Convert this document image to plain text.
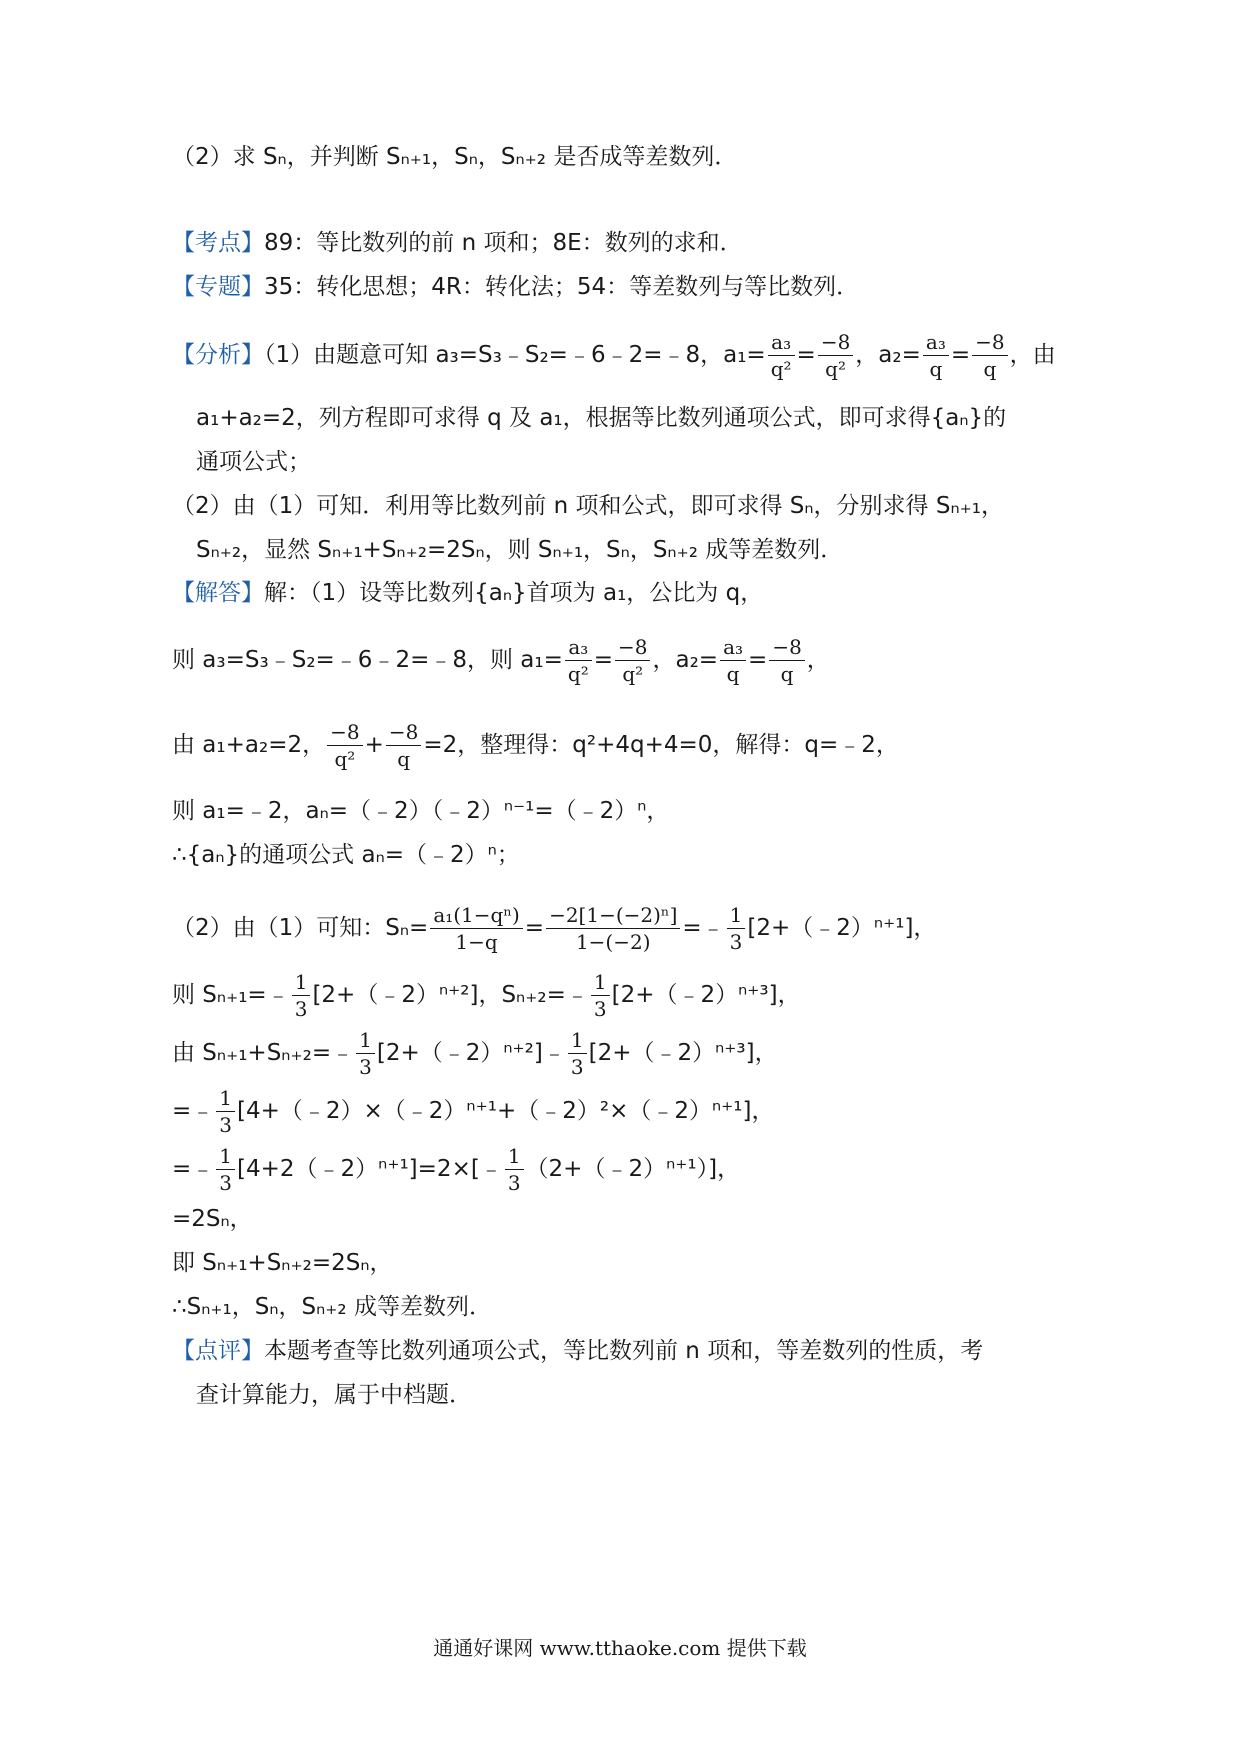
（2）求 Sₙ，并判断 Sₙ₊₁，Sₙ，Sₙ₊₂ 是否成等差数列．
【考点】89：等比数列的前 n 项和；8E：数列的求和．
【专题】35：转化思想；4R：转化法；54：等差数列与等比数列．
【分析】（1）由题意可知 a₃=S₃﹣S₂=﹣6﹣2=﹣8，$a_1= \frac{\text{a₃}}{\text{q²}} = \frac{-8}{\text{q²}}$ ，$a_2= \frac{\text{a₃}}{q} = \frac{-8}{q}$ ，由
a₁+a₂=2，列方程即可求得 q 及 a₁，根据等比数列通项公式，即可求得{aₙ}的
通项公式；
（2）由（1）可知．利用等比数列前 n 项和公式，即可求得 Sₙ，分别求得 Sₙ₊₁，
Sₙ₊₂，显然 Sₙ₊₁+Sₙ₊₂=2Sₙ，则 Sₙ₊₁，Sₙ，Sₙ₊₂ 成等差数列．
【解答】解：（1）设等比数列{aₙ}首项为 a₁，公比为 q，
则 a₃=S₃﹣S₂=﹣6﹣2=﹣8，则 $a_1= \frac{\text{a₃}}{\text{q²}} = \frac{-8}{\text{q²}}$ ，$a_2= \frac{\text{a₃}}{q} = \frac{-8}{q}$ ，
由 a₁+a₂=2， $\frac{-8}{\text{q²}} + \frac{-8}{q} =2$，整理得：q²+4q+4=0，解得：q=﹣2，
则 a₁=﹣2，aₙ=（﹣2）（﹣2）ⁿ⁻¹=（﹣2）ⁿ，
∴{aₙ}的通项公式 aₙ=（﹣2）ⁿ；
（2）由（1）可知：$S_n= \frac{\text{a₁(1−qⁿ)}}{1-q} = \frac{\text{−2[1−(−2)ⁿ]}}{1-(-2)}$ =﹣ $\frac{1}{3}$ [2+（﹣2）ⁿ⁺¹]，
则 Sₙ₊₁=﹣ $\frac{1}{3}$ [2+（﹣2）ⁿ⁺²]，Sₙ₊₂=﹣ $\frac{1}{3}$ [2+（﹣2）ⁿ⁺³]，
由 Sₙ₊₁+Sₙ₊₂=﹣ $\frac{1}{3}$ [2+（﹣2）ⁿ⁺²]﹣ $\frac{1}{3}$ [2+（﹣2）ⁿ⁺³]，
=﹣ $\frac{1}{3}$ [4+（﹣2）×（﹣2）ⁿ⁺¹+（﹣2）²×（﹣2）ⁿ⁺¹]，
=﹣ $\frac{1}{3}$ [4+2（﹣2）ⁿ⁺¹]=2×[﹣ $\frac{1}{3}$ （2+（﹣2）ⁿ⁺¹）]，
=2Sₙ，
即 Sₙ₊₁+Sₙ₊₂=2Sₙ，
∴Sₙ₊₁，Sₙ，Sₙ₊₂ 成等差数列．
【点评】本题考查等比数列通项公式，等比数列前 n 项和，等差数列的性质，考
查计算能力，属于中档题．
通通好课网 www.tthaoke.com 提供下载
